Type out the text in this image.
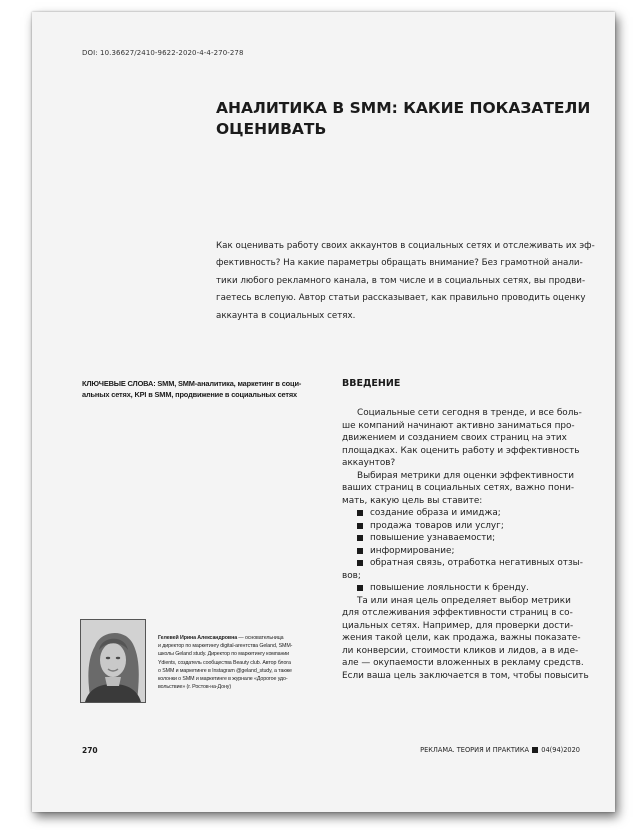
DOI: 10.36627/2410-9622-2020-4-4-270-278
АНАЛИТИКА В SMM: КАКИЕ ПОКАЗАТЕЛИ
ОЦЕНИВАТЬ

Как оценивать работу своих аккаунтов в социальных сетях и отслеживать их эф-
фективность? На какие параметры обращать внимание? Без грамотной анали-
тики любого рекламного канала, в том числе и в социальных сетях, вы продви-
гаетесь вслепую. Автор статьи рассказывает, как правильно проводить оценку
аккаунта в социальных сетях.

КЛЮЧЕВЫЕ СЛОВА: SMM, SMM-аналитика, маркетинг в соци-
альных сетях, KPI в SMM, продвижение в социальных сетях

ВВЕДЕНИЕ

Социальные сети сегодня в тренде, и все боль-
ше компаний начинают активно заниматься про-
движением и созданием своих страниц на этих
площадках. Как оценить работу и эффективность
аккаунтов?

Выбирая метрики для оценки эффективности
ваших страниц в социальных сетях, важно пони-
мать, какую цель вы ставите:

создание образа и имиджа;
продажа товаров или услуг;
повышение узнаваемости;
информирование;
обратная связь, отработка негативных отзы-
вов;
повышение лояльности к бренду.

Та или иная цель определяет выбор метрики
для отслеживания эффективности страниц в со-
циальных сетях. Например, для проверки дости-
жения такой цели, как продажа, важны показате-
ли конверсии, стоимости кликов и лидов, а в иде-
але — окупаемости вложенных в рекламу средств.
Если ваша цель заключается в том, чтобы повысить

Гелевей Ирина Александровна — основательница
и директор по маркетингу digital-агентства Geland, SMM-
школы Geland study. Директор по маркетингу компании
Ydients, создатель сообщества Beauty club. Автор блога
о SMM и маркетинге в Instagram @geland_study, а также
колонки о SMM и маркетинге в журнале «Дорогое удо-
вольствие» (г. Ростов-на-Дону)

270	РЕКЛАМА. ТЕОРИЯ И ПРАКТИКА 04(94)2020
